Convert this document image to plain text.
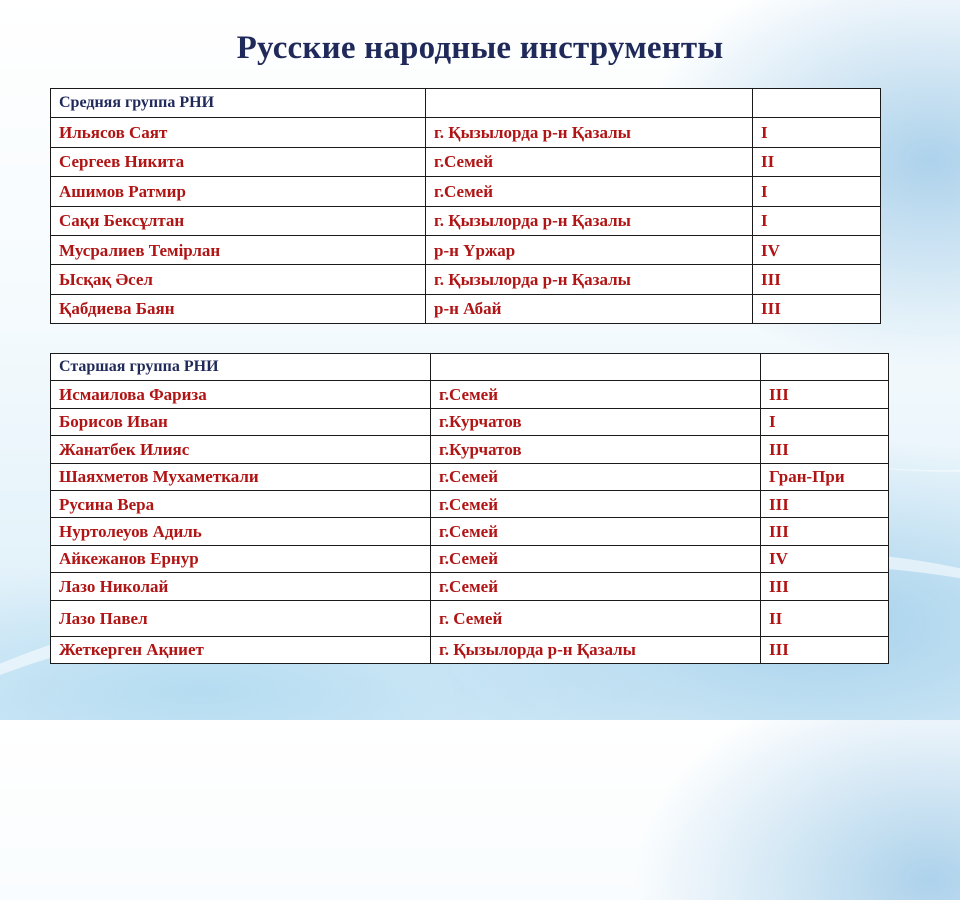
Русские народные инструменты
Средняя группа РНИ		
Ильясов Саят	г. Қызылорда р-н Қазалы	I
Сергеев Никита	г.Семей	II
Ашимов Ратмир	г.Семей	I
Сақи Бексұлтан	г. Қызылорда р-н Қазалы	I
Мусралиев Темірлан	р-н Үржар	IV
Ысқақ Әсел	г. Қызылорда р-н Қазалы	III
Қабдиева Баян	р-н Абай	III
Старшая группа РНИ		
Исмаилова Фариза	г.Семей	III
Борисов Иван	г.Курчатов	I
Жанатбек Илияс	г.Курчатов	III
Шаяхметов Мухаметкали	г.Семей	Гран-При
Русина Вера	г.Семей	III
Нуртолеуов Адиль	г.Семей	III
Айкежанов Ернур	г.Семей	IV
Лазо Николай	г.Семей	III
Лазо Павел	г. Семей	II
Жеткерген Ақниет	г. Қызылорда р-н Қазалы	III
